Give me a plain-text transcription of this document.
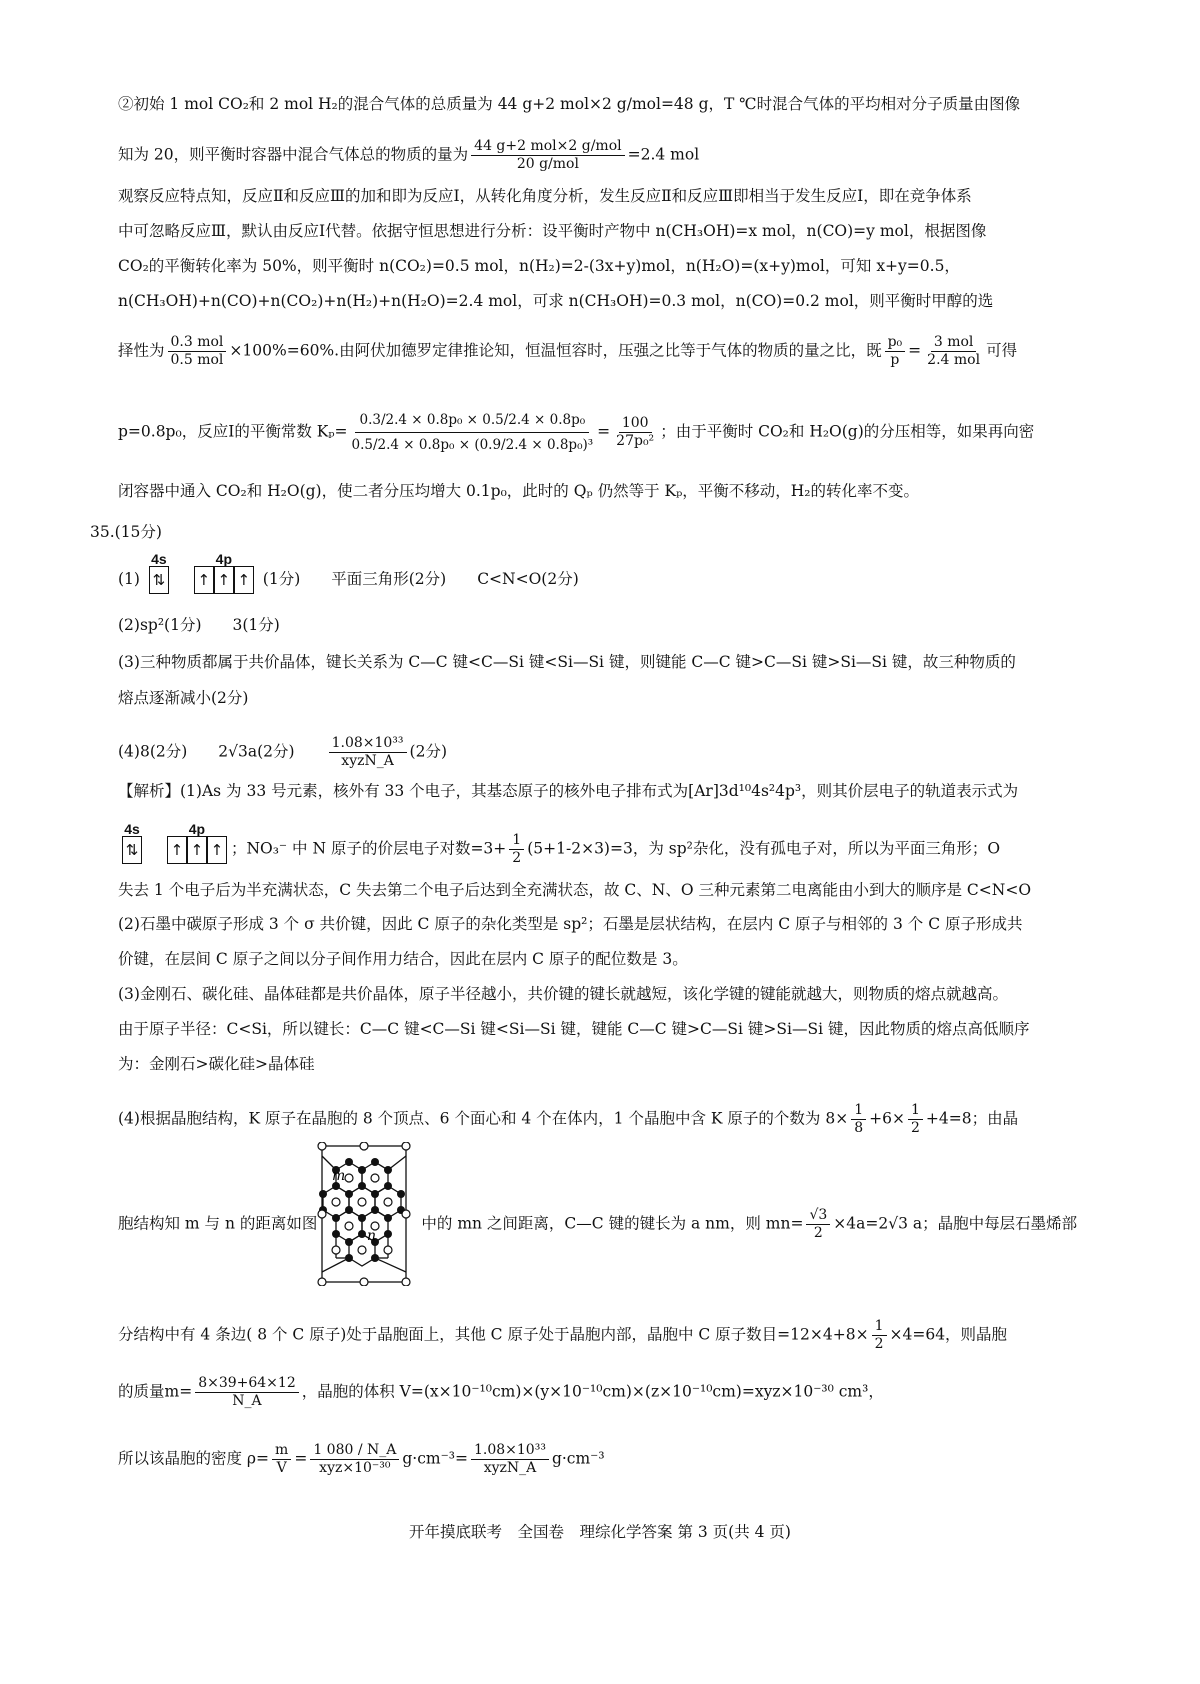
②初始 1 mol CO₂和 2 mol H₂的混合气体的总质量为 44 g+2 mol×2 g/mol=48 g，T ℃时混合气体的平均相对分子质量由图像
知为 20，则平衡时容器中混合气体总的物质的量为 $\frac{\text{44 g+2 mol×2 g/mol}}{\text{20 g/mol}} =2.4$ mol
观察反应特点知，反应Ⅱ和反应Ⅲ的加和即为反应Ⅰ，从转化角度分析，发生反应Ⅱ和反应Ⅲ即相当于发生反应Ⅰ，即在竞争体系
中可忽略反应Ⅲ，默认由反应Ⅰ代替。依据守恒思想进行分析：设平衡时产物中 n(CH₃OH)=x mol，n(CO)=y mol，根据图像
CO₂的平衡转化率为 50%，则平衡时 n(CO₂)=0.5 mol，n(H₂)=2-(3x+y)mol，n(H₂O)=(x+y)mol，可知 x+y=0.5，
n(CH₃OH)+n(CO)+n(CO₂)+n(H₂)+n(H₂O)=2.4 mol，可求 n(CH₃OH)=0.3 mol，n(CO)=0.2 mol，则平衡时甲醇的选
择性为 $\frac{\text{0.3 mol}}{\text{0.5 mol}} \times 100\%=60\%$.由阿伏加德罗定律推论知，恒温恒容时，压强之比等于气体的物质的量之比，既 $\frac{\text{p₀}}{p} = \frac{\text{3 mol}}{\text{2.4 mol}}$ 可得
p=0.8p₀，反应Ⅰ的平衡常数 $K_p= \frac{\text{0.3/2.4 × 0.8p₀ × 0.5/2.4 × 0.8p₀}}{\text{0.5/2.4 × 0.8p₀ × (0.9/2.4 × 0.8p₀)³}} = \frac{100}{\text{27p₀²}}$ ；由于平衡时 CO₂和 H₂O(g)的分压相等，如果再向密
闭容器中通入 CO₂和 H₂O(g)，使二者分压均增大 0.1p₀，此时的 Qₚ 仍然等于 Kₚ，平衡不移动，H₂的转化率不变。
35.(15分)
(1)
4s
⇅

4p
↑ ↑ ↑ (1分)　　平面三角形(2分)　　C<N<O(2分)
(2)sp²(1分)　　3(1分)
(3)三种物质都属于共价晶体，键长关系为 C—C 键<C—Si 键<Si—Si 键，则键能 C—C 键>C—Si 键>Si—Si 键，故三种物质的
熔点逐渐减小(2分)
(4)8(2分)　　2√3a(2分)　　 $\frac{\text{1.08×10³³}}{\text{xyzN\_A}} (2$分)
【解析】(1)As 为 33 号元素，核外有 33 个电子，其基态原子的核外电子排布式为[Ar]3d¹⁰4s²4p³，则其价层电子的轨道表示式为
4s
⇅

4p
↑ ↑ ↑ ；NO₃⁻ 中 N 原子的价层电子对数$=3+ \frac{1}{2} (5+1-2\times 3)=3$，为 sp²杂化，没有孤电子对，所以为平面三角形；O
失去 1 个电子后为半充满状态，C 失去第二个电子后达到全充满状态，故 C、N、O 三种元素第二电离能由小到大的顺序是 C<N<O
(2)石墨中碳原子形成 3 个 σ 共价键，因此 C 原子的杂化类型是 sp²；石墨是层状结构，在层内 C 原子与相邻的 3 个 C 原子形成共
价键，在层间 C 原子之间以分子间作用力结合，因此在层内 C 原子的配位数是 3。
(3)金刚石、碳化硅、晶体硅都是共价晶体，原子半径越小，共价键的键长就越短，该化学键的键能就越大，则物质的熔点就越高。
由于原子半径：C<Si，所以键长：C—C 键<C—Si 键<Si—Si 键，键能 C—C 键>C—Si 键>Si—Si 键，因此物质的熔点高低顺序
为：金刚石>碳化硅>晶体硅
(4)根据晶胞结构，K 原子在晶胞的 8 个顶点、6 个面心和 4 个在体内，1 个晶胞中含 K 原子的个数为 $8\times \frac{1}{8} +6\times \frac{1}{2} +4=8$；由晶
m
n
胞结构知 m 与 n 的距离如图	中的 mn 之间距离，C—C 键的键长为 a nm，则 $mn= \frac{√3}{2} \times 4a=2√3$ a；晶胞中每层石墨烯部
分结构中有 4 条边( 8 个 C 原子)处于晶胞面上，其他 C 原子处于晶胞内部，晶胞中 C 原子数目$=12\times 4+8\times \frac{1}{2} \times 4=64$，则晶胞
的质量$m= \frac{8\times 39+64\times 12}{N\_A}$ ，晶胞的体积 V=(x×10⁻¹⁰cm)×(y×10⁻¹⁰cm)×(z×10⁻¹⁰cm)=xyz×10⁻³⁰ cm³，
所以该晶胞的密度 $\rho= \frac{m}{V} = \frac{1 080 / N\_A}{\text{xyz×10⁻³⁰}} g\cdot cm^{-3}= \frac{\text{1.08×10³³}}{\text{xyzN\_A}} g\cdot cm^{-3}$
开年摸底联考　全国卷　理综化学答案 第 3 页(共 4 页)
